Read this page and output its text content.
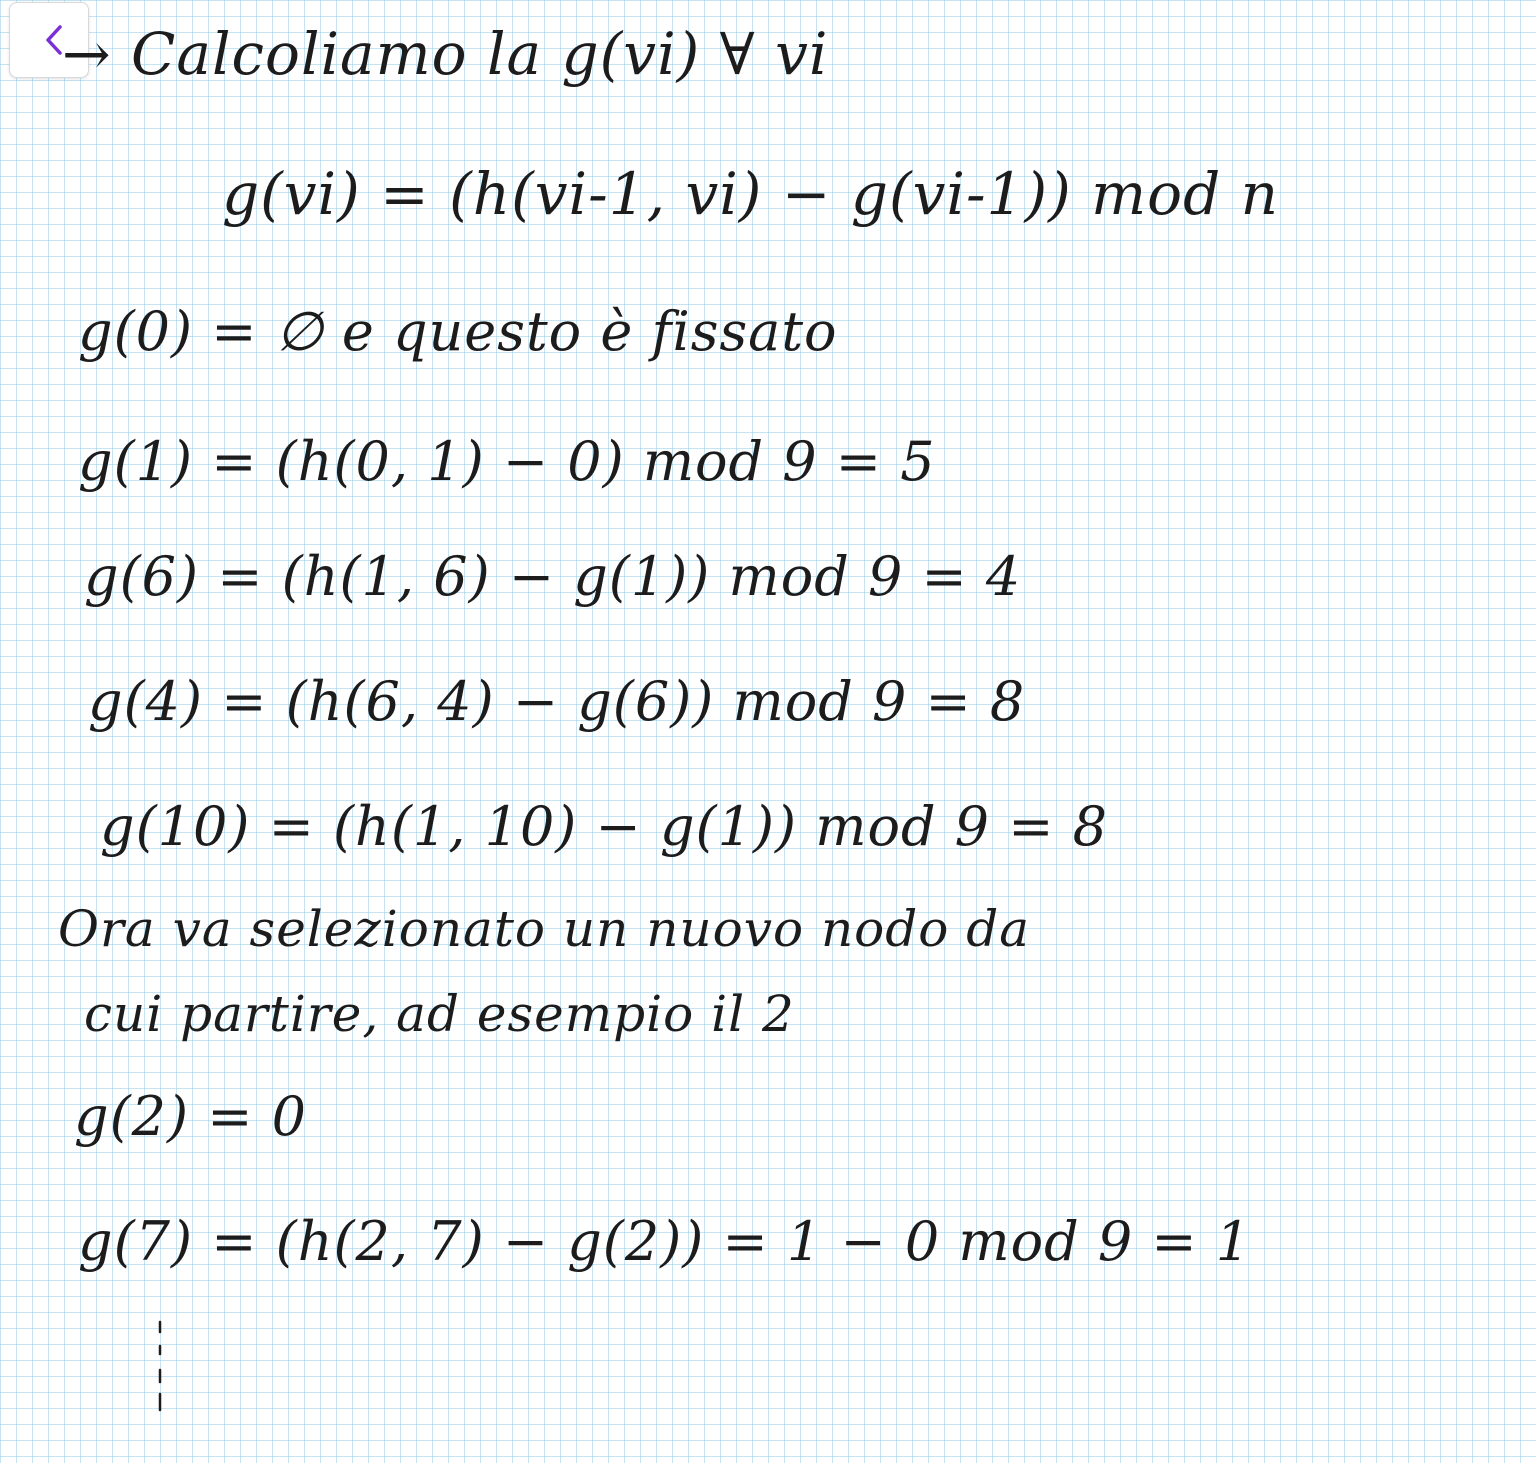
→ Calcoliamo la g(vi) ∀ vi

g(vi) = (h(vi-1, vi) − g(vi-1)) mod n

g(0) = ∅ e questo è fissato

g(1) = (h(0, 1) − 0) mod 9 = 5

g(6) = (h(1, 6) − g(1)) mod 9 = 4

g(4) = (h(6, 4) − g(6)) mod 9 = 8

g(10) = (h(1, 10) − g(1)) mod 9 = 8

Ora va selezionato un nuovo nodo da

cui partire, ad esempio il 2

g(2) = 0

g(7) = (h(2, 7) − g(2)) = 1 − 0 mod 9 = 1
